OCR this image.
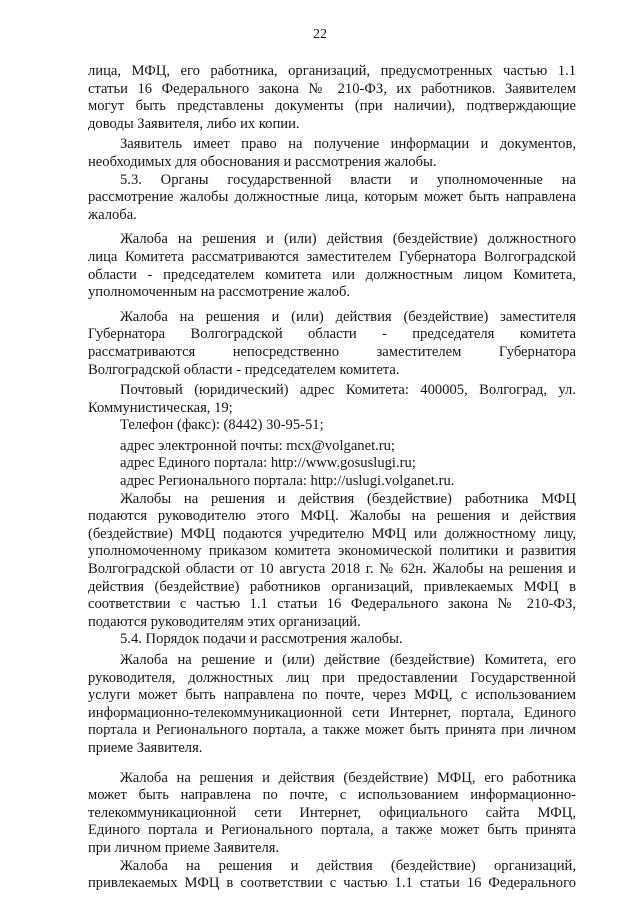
22

лица, МФЦ, его работника, организаций, предусмотренных частью 1.1

статьи 16 Федерального закона № 210-ФЗ, их работников. Заявителем

могут быть представлены документы (при наличии), подтверждающие

доводы Заявителя, либо их копии.

Заявитель имеет право на получение информации и документов,

необходимых для обоснования и рассмотрения жалобы.

5.3. Органы государственной власти и уполномоченные на

рассмотрение жалобы должностные лица, которым может быть направлена

жалоба.

Жалоба на решения и (или) действия (бездействие) должностного

лица Комитета рассматриваются заместителем Губернатора Волгоградской

области - председателем комитета или должностным лицом Комитета,

уполномоченным на рассмотрение жалоб.

Жалоба на решения и (или) действия (бездействие) заместителя

Губернатора Волгоградской области - председателя комитета

рассматриваются непосредственно заместителем Губернатора

Волгоградской области - председателем комитета.

Почтовый (юридический) адрес Комитета: 400005, Волгоград, ул.

Коммунистическая, 19;

Телефон (факс): (8442) 30-95-51;

адрес электронной почты: mcx@volganet.ru;

адрес Единого портала: http://www.gosuslugi.ru;

адрес Регионального портала: http://uslugi.volganet.ru.

Жалобы на решения и действия (бездействие) работника МФЦ

подаются руководителю этого МФЦ. Жалобы на решения и действия

(бездействие) МФЦ подаются учредителю МФЦ или должностному лицу,

уполномоченному приказом комитета экономической политики и развития

Волгоградской области от 10 августа 2018 г. № 62н. Жалобы на решения и

действия (бездействие) работников организаций, привлекаемых МФЦ в

соответствии с частью 1.1 статьи 16 Федерального закона № 210-ФЗ,

подаются руководителям этих организаций.

5.4. Порядок подачи и рассмотрения жалобы.

Жалоба на решение и (или) действие (бездействие) Комитета, его

руководителя, должностных лиц при предоставлении Государственной

услуги может быть направлена по почте, через МФЦ, с использованием

информационно-телекоммуникационной сети Интернет, портала, Единого

портала и Регионального портала, а также может быть принята при личном

приеме Заявителя.

Жалоба на решения и действия (бездействие) МФЦ, его работника

может быть направлена по почте, с использованием информационно-

телекоммуникационной сети Интернет, официального сайта МФЦ,

Единого портала и Регионального портала, а также может быть принята

при личном приеме Заявителя.

Жалоба на решения и действия (бездействие) организаций,

привлекаемых МФЦ в соответствии с частью 1.1 статьи 16 Федерального
